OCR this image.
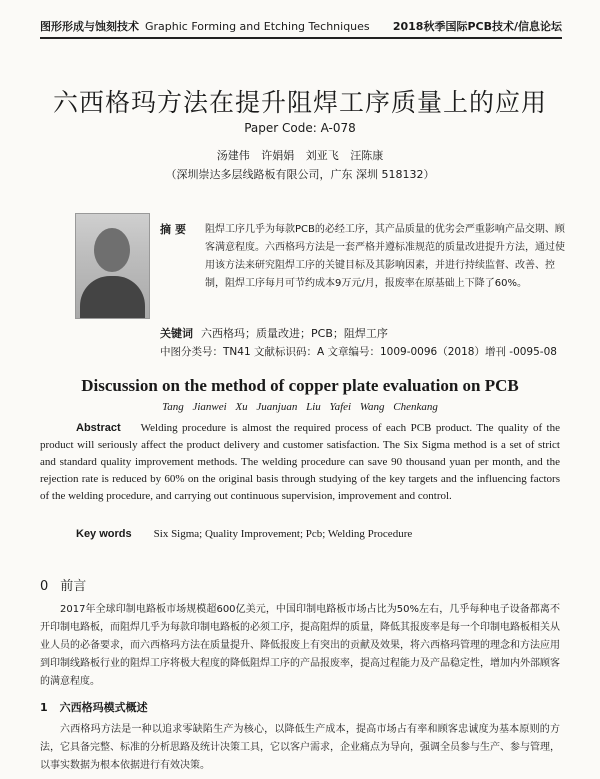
图形形成与蚀刻技术 Graphic Forming and Etching Techniques 2018秋季国际PCB技术/信息论坛
六西格玛方法在提升阻焊工序质量上的应用
Paper Code: A-078
汤建伟 许娟娟 刘亚飞 汪陈康
（深圳崇达多层线路板有限公司，广东 深圳 518132）
摘要 阻焊工序几乎为每款PCB的必经工序，其产品质量的优劣会严重影响产品交期、顾客满意程度。六西格玛方法是一套严格并遵标准规范的质量改进提升方法，通过使用该方法来研究阻焊工序的关键目标及其影响因素，并进行持续监督、改善、控制，阻焊工序每月可节约成本9万元/月，报废率在原基础上下降了60%。
关键词 六西格玛；质量改进；PCB；阻焊工序
中图分类号：TN41 文献标识码：A 文章编号：1009-0096（2018）增刊 -0095-08
Discussion on the method of copper plate evaluation on PCB
Tang Jianwei Xu Juanjuan Liu Yafei Wang Chenkang
Abstract Welding procedure is almost the required process of each PCB product. The quality of the product will seriously affect the product delivery and customer satisfaction. The Six Sigma method is a set of strict and standard quality improvement methods. The welding procedure can save 90 thousand yuan per month, and the rejection rate is reduced by 60% on the original basis through studying of the key targets and the influencing factors of the welding procedure, and carrying out continuous supervision, improvement and control.
Key words Six Sigma; Quality Improvement; Pcb; Welding Procedure
0 前言
2017年全球印制电路板市场规模超600亿美元，中国印制电路板市场占比为50%左右，几乎每种电子设备都离不开印制电路板，而阻焊几乎为每款印制电路板的必须工序，提高阻焊的质量，降低其报废率是每一个印制电路板相关从业人员的必备要求，而六西格玛方法在质量提升、降低报废上有突出的贡献及效果，将六西格玛管理的理念和方法应用到印制线路板行业的阻焊工序将极大程度的降低阻焊工序的产品报废率，提高过程能力及产品稳定性，增加内外部顾客的满意程度。
1 六西格玛模式概述
六西格玛方法是一种以追求零缺陷生产为核心，以降低生产成本，提高市场占有率和顾客忠诚度为基本原则的方法，它具备完整、标准的分析思路及统计决策工具，它以客户需求，企业痛点为导向，强调全员参与生产、参与管理，以事实数据为根本依据进行有效决策。
